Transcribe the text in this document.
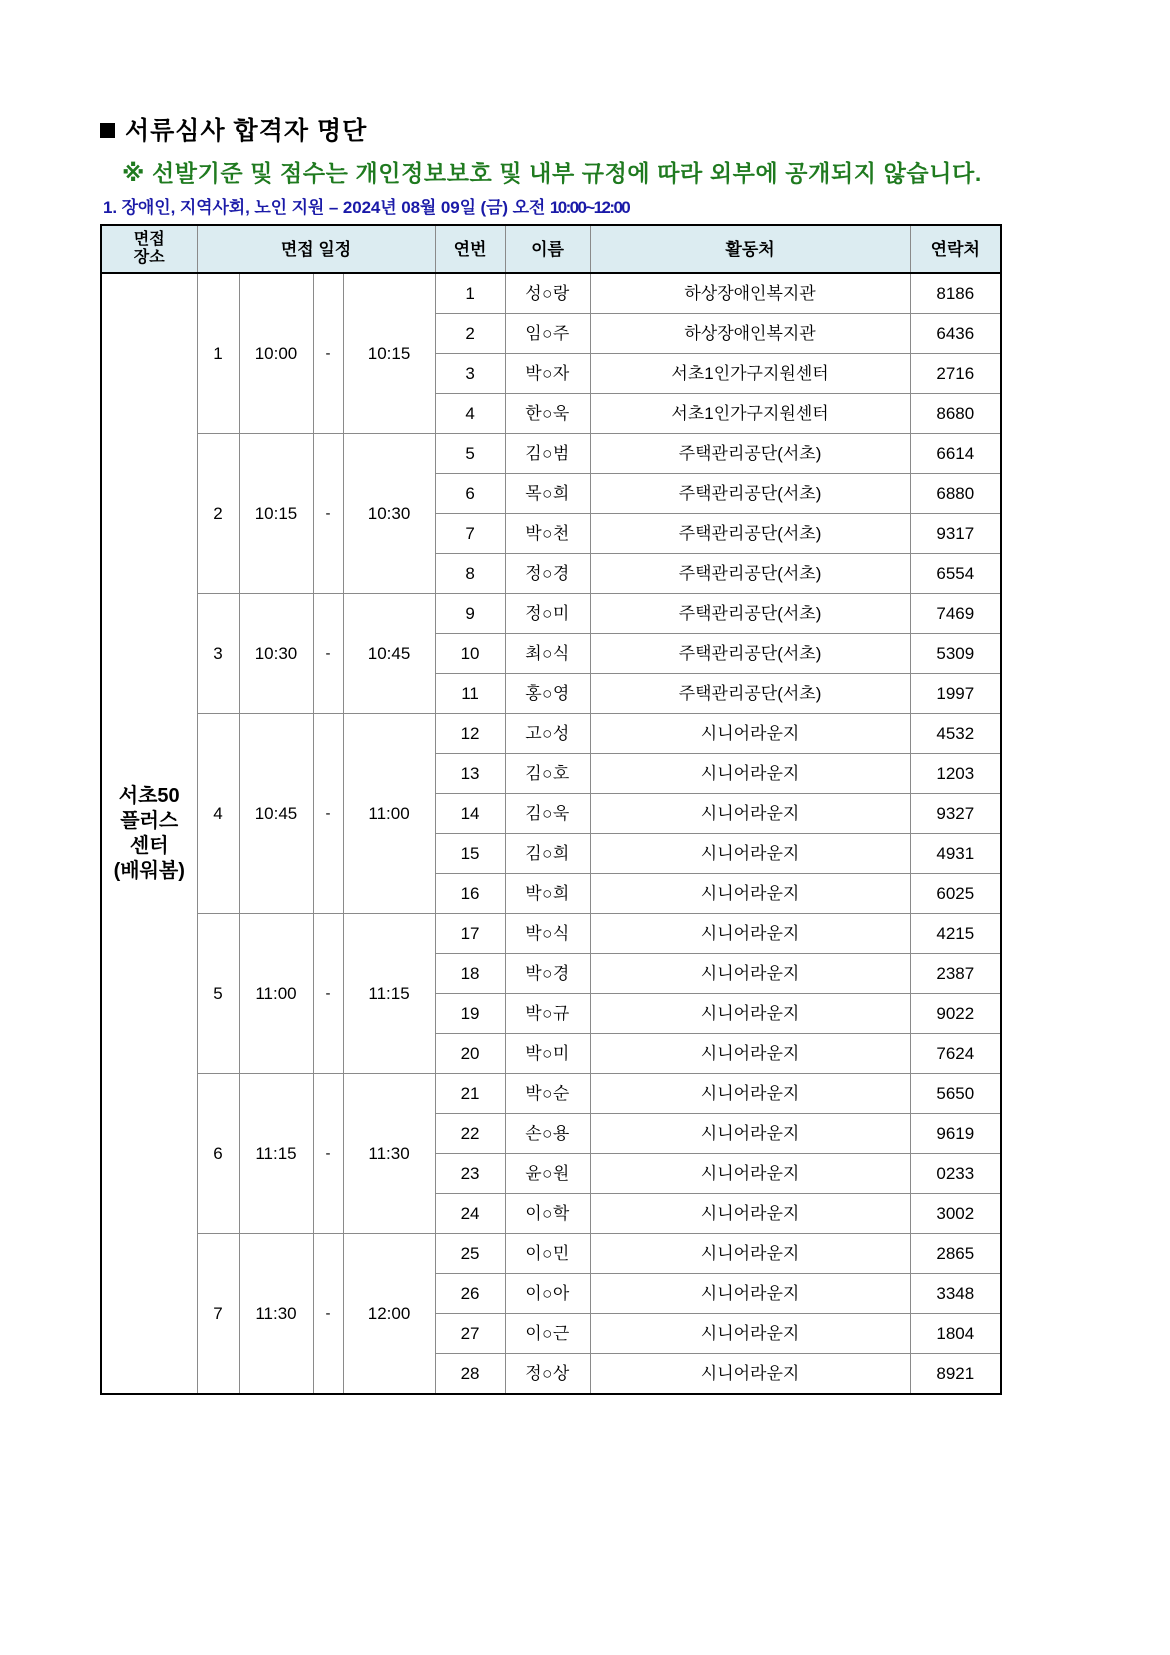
서류심사 합격자 명단

※ 선발기준 및 점수는 개인정보보호 및 내부 규정에 따라 외부에 공개되지 않습니다.

1. 장애인, 지역사회, 노인 지원 – 2024년 08월 09일 (금) 오전 10:00~12:00

면접
장소	면접 일정				연번	이름	활동처	연락처

서초50
플러스
센터
(배워봄)	1	10:00	-	10:15	1	성○랑	하상장애인복지관	8186
					2	임○주	하상장애인복지관	6436
					3	박○자	서초1인가구지원센터	2716
					4	한○욱	서초1인가구지원센터	8680
	2	10:15	-	10:30	5	김○범	주택관리공단(서초)	6614
					6	목○희	주택관리공단(서초)	6880
					7	박○천	주택관리공단(서초)	9317
					8	정○경	주택관리공단(서초)	6554
	3	10:30	-	10:45	9	정○미	주택관리공단(서초)	7469
					10	최○식	주택관리공단(서초)	5309
					11	홍○영	주택관리공단(서초)	1997
	4	10:45	-	11:00	12	고○성	시니어라운지	4532
					13	김○호	시니어라운지	1203
					14	김○욱	시니어라운지	9327
					15	김○희	시니어라운지	4931
					16	박○희	시니어라운지	6025
	5	11:00	-	11:15	17	박○식	시니어라운지	4215
					18	박○경	시니어라운지	2387
					19	박○규	시니어라운지	9022
					20	박○미	시니어라운지	7624
	6	11:15	-	11:30	21	박○순	시니어라운지	5650
					22	손○용	시니어라운지	9619
					23	윤○원	시니어라운지	0233
					24	이○학	시니어라운지	3002
	7	11:30	-	12:00	25	이○민	시니어라운지	2865
					26	이○아	시니어라운지	3348
					27	이○근	시니어라운지	1804
					28	정○상	시니어라운지	8921
